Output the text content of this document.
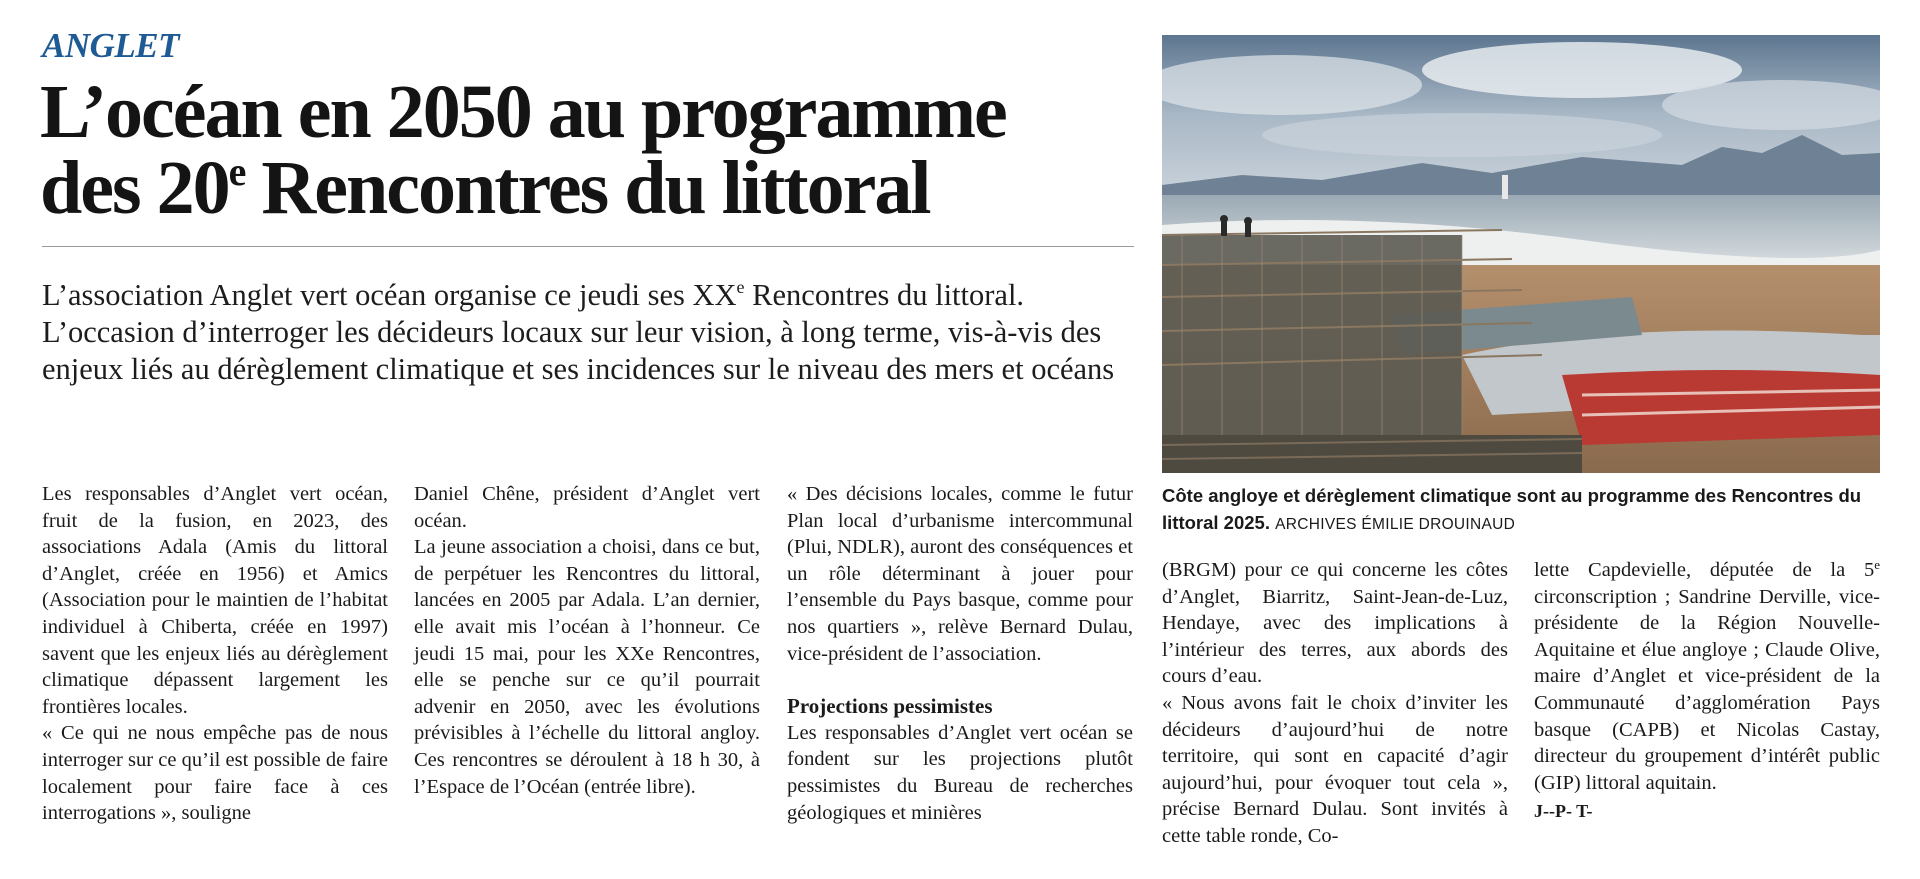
ANGLET
L’océan en 2050 au programme
des 20e Rencontres du littoral

L’association Anglet vert océan organise ce jeudi ses XXe Rencontres du littoral. L’occasion d’interroger les décideurs locaux sur leur vision, à long terme, vis-à-vis des enjeux liés au dérèglement climatique et ses incidences sur le niveau des mers et océans

Côte angloye et dérèglement climatique sont au programme des Rencontres du littoral 2025. ARCHIVES ÉMILIE DROUINAUD

Les responsables d’Anglet vert océan, fruit de la fusion, en 2023, des associations Adala (Amis du littoral d’Anglet, créée en 1956) et Amics (Association pour le maintien de l’habitat individuel à Chiberta, créée en 1997) savent que les enjeux liés au dérèglement climatique dépassent largement les frontières locales.

« Ce qui ne nous empêche pas de nous interroger sur ce qu’il est possible de faire localement pour faire face à ces interrogations », souligne

Daniel Chêne, président d’Anglet vert océan.

La jeune association a choisi, dans ce but, de perpétuer les Rencontres du littoral, lancées en 2005 par Adala. L’an dernier, elle avait mis l’océan à l’honneur. Ce jeudi 15 mai, pour les XXe Rencontres, elle se penche sur ce qu’il pourrait advenir en 2050, avec les évolutions prévisibles à l’échelle du littoral angloy. Ces rencontres se déroulent à 18 h 30, à l’Espace de l’Océan (entrée libre).

« Des décisions locales, comme le futur Plan local d’urbanisme intercommunal (Plui, NDLR), auront des conséquences et un rôle déterminant à jouer pour l’ensemble du Pays basque, comme pour nos quartiers », relève Bernard Dulau, vice-président de l’association.

Projections pessimistes

Les responsables d’Anglet vert océan se fondent sur les projections plutôt pessimistes du Bureau de recherches géologiques et minières

(BRGM) pour ce qui concerne les côtes d’Anglet, Biarritz, Saint-Jean-de-Luz, Hendaye, avec des implications à l’intérieur des terres, aux abords des cours d’eau.

« Nous avons fait le choix d’inviter les décideurs d’aujourd’hui de notre territoire, qui sont en capacité d’agir aujourd’hui, pour évoquer tout cela », précise Bernard Dulau. Sont invités à cette table ronde, Co-

lette Capdevielle, députée de la 5e circonscription ; Sandrine Derville, vice-présidente de la Région Nouvelle-Aquitaine et élue angloye ; Claude Olive, maire d’Anglet et vice-président de la Communauté d’agglomération Pays basque (CAPB) et Nicolas Castay, directeur du groupement d’intérêt public (GIP) littoral aquitain.

J--P- T-
